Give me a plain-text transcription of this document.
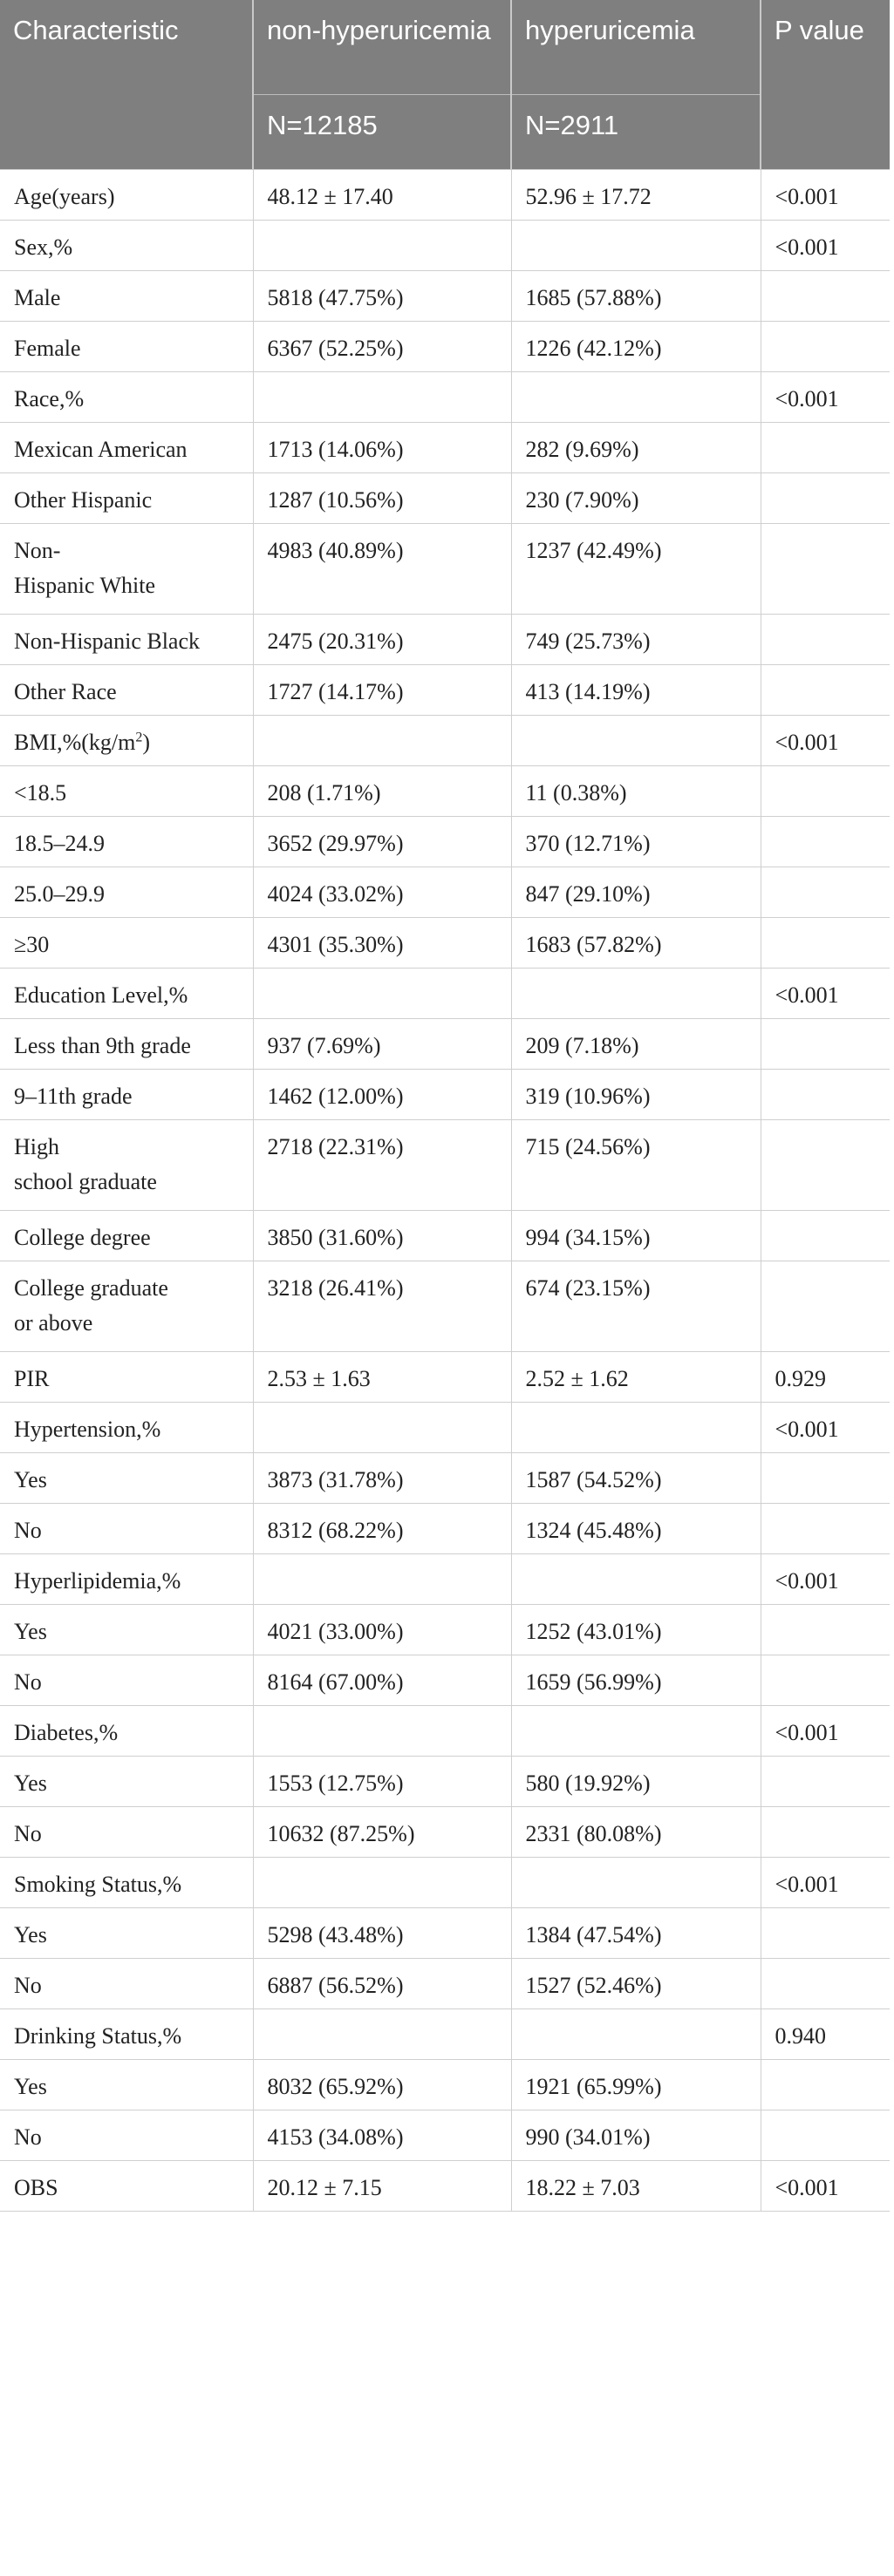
Characteristic	non-hyperuricemia	hyperuricemia	P value
	N=12185	N=2911	
Age(years)	48.12 ± 17.40	52.96 ± 17.72	<0.001
Sex,%			<0.001
Male	5818 (47.75%)	1685 (57.88%)	
Female	6367 (52.25%)	1226 (42.12%)	
Race,%			<0.001
Mexican American	1713 (14.06%)	282 (9.69%)	
Other Hispanic	1287 (10.56%)	230 (7.90%)	
Non-
Hispanic White	4983 (40.89%)	1237 (42.49%)	
Non-Hispanic Black	2475 (20.31%)	749 (25.73%)	
Other Race	1727 (14.17%)	413 (14.19%)	
$BMI,\%(kg/m^2)$			<0.001
<18.5	208 (1.71%)	11 (0.38%)	
18.5–24.9	3652 (29.97%)	370 (12.71%)	
25.0–29.9	4024 (33.02%)	847 (29.10%)	
≥30	4301 (35.30%)	1683 (57.82%)	
Education Level,%			<0.001
Less than 9th grade	937 (7.69%)	209 (7.18%)	
9–11th grade	1462 (12.00%)	319 (10.96%)	
High
school graduate	2718 (22.31%)	715 (24.56%)	
College degree	3850 (31.60%)	994 (34.15%)	
College graduate
or above	3218 (26.41%)	674 (23.15%)	
PIR	2.53 ± 1.63	2.52 ± 1.62	0.929
Hypertension,%			<0.001
Yes	3873 (31.78%)	1587 (54.52%)	
No	8312 (68.22%)	1324 (45.48%)	
Hyperlipidemia,%			<0.001
Yes	4021 (33.00%)	1252 (43.01%)	
No	8164 (67.00%)	1659 (56.99%)	
Diabetes,%			<0.001
Yes	1553 (12.75%)	580 (19.92%)	
No	10632 (87.25%)	2331 (80.08%)	
Smoking Status,%			<0.001
Yes	5298 (43.48%)	1384 (47.54%)	
No	6887 (56.52%)	1527 (52.46%)	
Drinking Status,%			0.940
Yes	8032 (65.92%)	1921 (65.99%)	
No	4153 (34.08%)	990 (34.01%)	
OBS	20.12 ± 7.15	18.22 ± 7.03	<0.001
